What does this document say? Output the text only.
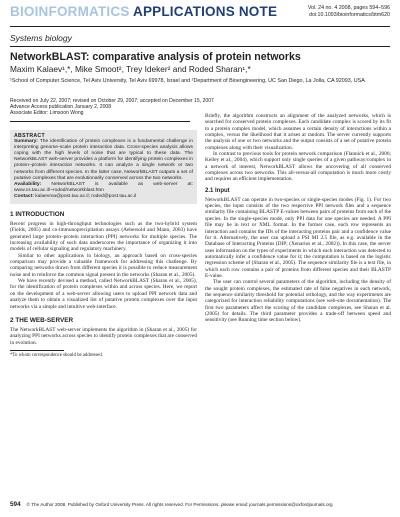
BIOINFORMATICS APPLICATIONS NOTE	Vol. 24 no. 4 2008, pages 594–596
doi:10.1093/bioinformatics/btm620
Systems biology
NetworkBLAST: comparative analysis of protein networks
Maxim Kalaev¹,*, Mike Smoot², Trey Ideker² and Roded Sharan¹,*
¹School of Computer Science, Tel Aviv University, Tel Aviv 69978, Israel and ²Department of Bioengineering, UC San Diego, La Jolla, CA 92093, USA
Received on July 22, 2007; revised on October 29, 2007; accepted on December 15, 2007
Advance Access publication January 2, 2008
Associate Editor: Limsoon Wong
ABSTRACT

Summary: The identification of protein complexes is a fundamental challenge in interpreting genome-scale protein interaction data. Cross-species analysis allows coping with the high levels of noise that are typical to these data. The NetworkBLAST web-server provides a platform for identifying protein complexes in protein–protein interaction networks. It can analyze a single network or two networks from different species. In the latter case, NetworkBLAST outputs a set of putative complexes that are evolutionarily conserved across the two networks.

Availability: NetworkBLAST is available as web-server at: www.cs.tau.ac.il/~roded/networkblast.htm

Contact: kalaevma@post.tau.ac.il; roded@post.tau.ac.il

1 INTRODUCTION

Recent progress in high-throughput technologies such as the two-hybrid system (Fields, 2005) and co-immunoprecipitation assays (Aebersold and Mann, 2003) have generated large protein–protein interaction (PPI) networks for multiple species. The increasing availability of such data underscores the importance of organizing it into models of cellular signaling and regulatory machinery.

Similar to other applications in biology, an approach based on cross-species comparison may provide a valuable framework for addressing this challenge. By comparing networks drawn from different species it is possible to reduce measurement noise and to reinforce the common signal present in the networks (Sharan et al., 2005).

We have recently devised a method, called NetworkBLAST (Sharan et al., 2005), for the identification of protein complexes within and across species. Here, we report on the development of a web-server allowing users to upload PPI network data and analyze them to obtain a visualized list of putative protein complexes over the input networks via a simple and intuitive web-interface.

2 THE WEB-SERVER

The NetworkBLAST web-server implements the algorithm in (Sharan et al., 2005) for analyzing PPI networks across species to identify protein complexes that are conserved in evolution.

*To whom correspondence should be addressed.

Briefly, the algorithm constructs an alignment of the analyzed networks, which is searched for conserved protein complexes. Each candidate complex is scored by its fit to a protein complex model, which assumes a certain density of interactions within a complex, versus the likelihood that it arises at random. The server currently supports the analysis of one or two networks and the output consists of a set of putative protein complexes along with their visualization.

In contrast to previous tools for protein network comparison (Flannick et al., 2006; Kelley et al., 2004), which support only single queries of a given pathway/complex in a network of interest, NetworkBLAST allows the uncovering of all conserved complexes across two networks. This all-versus-all computation is much more costly and requires an efficient implementation.

2.1 Input

NetworkBLAST can operate in two-species or single-species modes (Fig. 1). For two species, the input consists of the two respective PPI network files and a sequence similarity file containing BLASTP E-values between pairs of proteins from each of the species. In the single-species mode, only PPI data for one species are needed. A PPI file may be in text or XML format. In the former case, each row represents an interaction and contains the IDs of the interacting proteins pair and a confidence value for it. Alternatively, the user can upload a PSI MI 2.5 file, as e.g. available in the Database of Interacting Proteins (DIP; (Xenarios et al., 2002)). In this case, the server uses information on the types of experiments in which each interaction was detected to automatically infer a confidence value for it; the computation is based on the logistic regression scheme of (Sharan et al., 2005). The sequence similarity file is a text file, in which each row contains a pair of proteins from different species and their BLASTP E-value.

The user can control several parameters of the algorithm, including the density of the sought protein complexes, the estimated rate of false negatives in each network, the sequence similarity threshold for potential orthology, and the way experiments are categorized for interaction reliability computations (see web-site documentation). The first two parameters affect the scoring of the candidate complexes, see Sharan et al. (2005) for details. The third parameter provides a trade-off between speed and sensitivity (see Running time section below).

594 © The Author 2008. Published by Oxford University Press. All rights reserved. For Permissions, please email: journals.permissions@oxfordjournals.org
